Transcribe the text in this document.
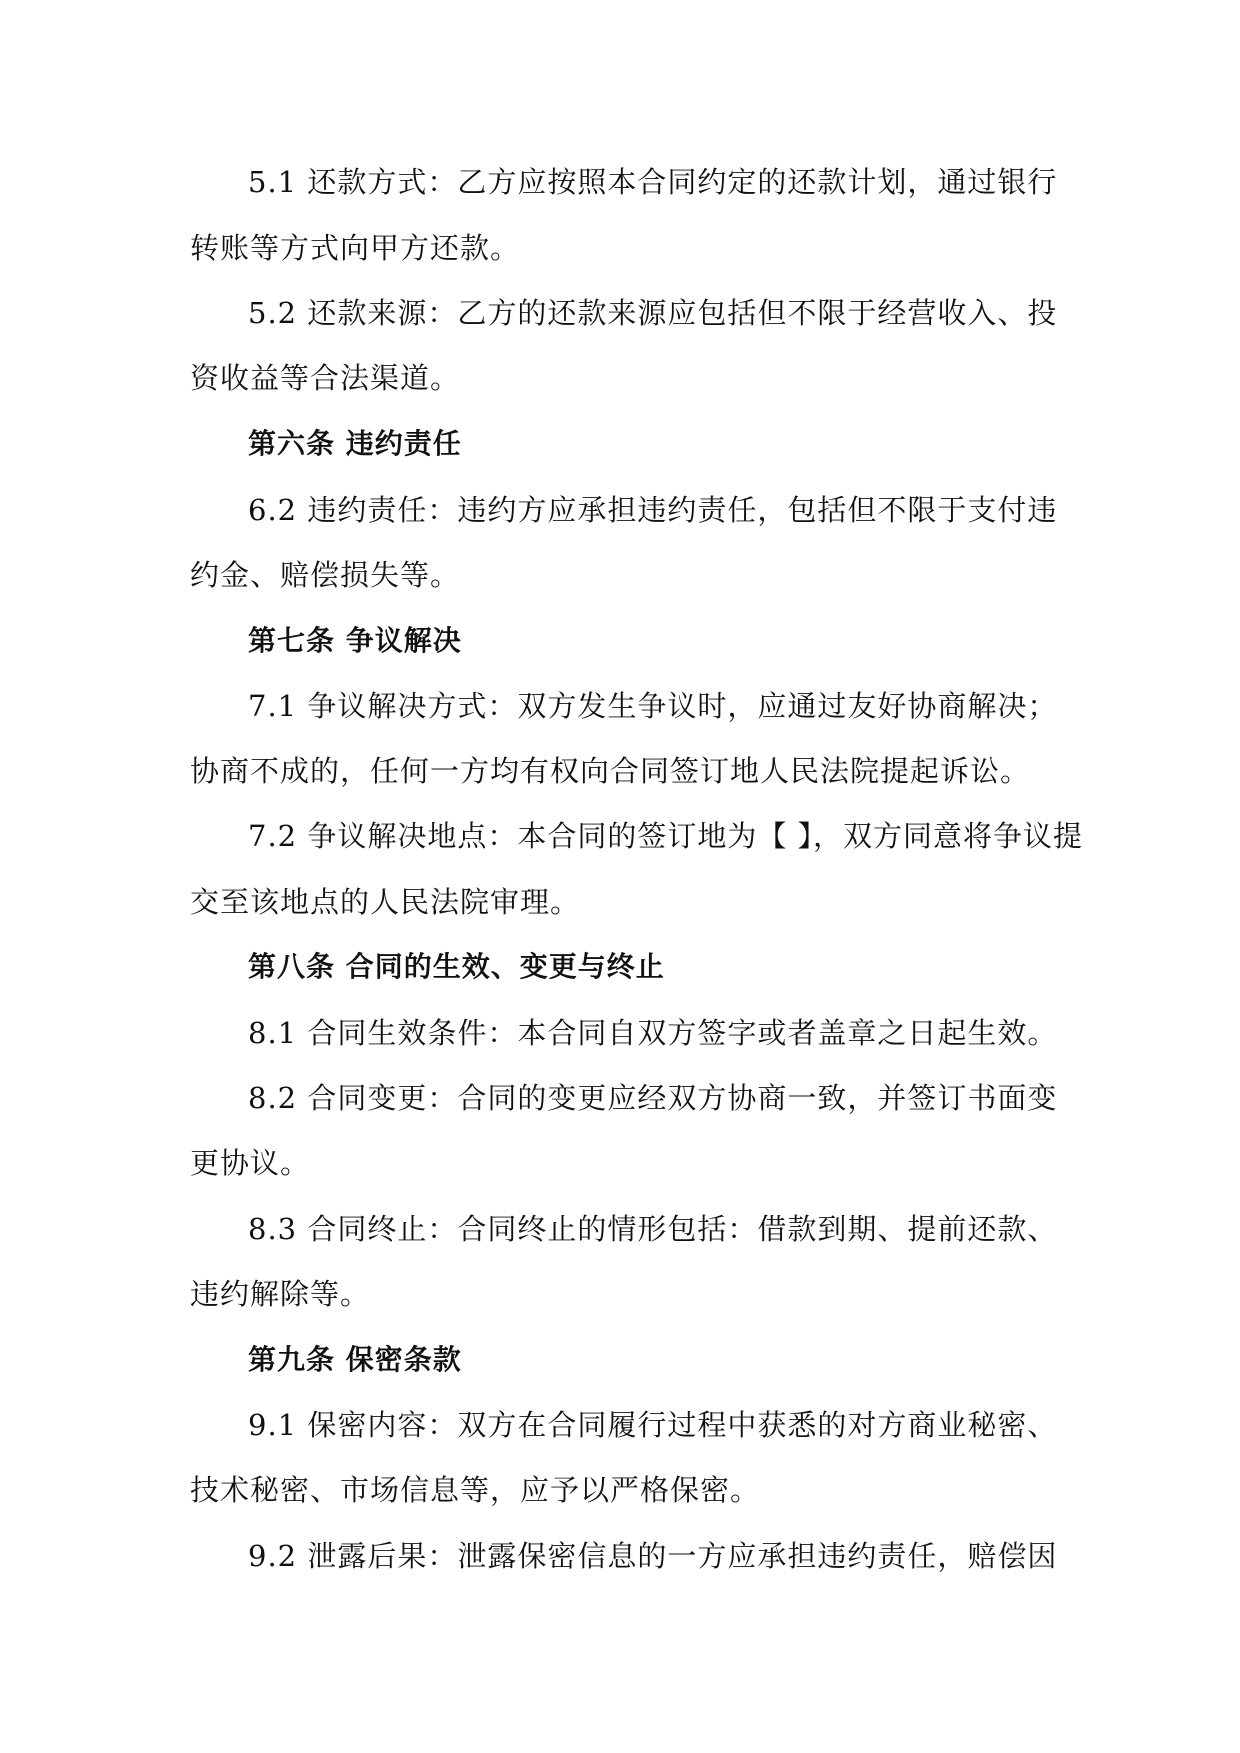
5.1 还款方式：乙方应按照本合同约定的还款计划，通过银行
转账等方式向甲方还款。
5.2 还款来源：乙方的还款来源应包括但不限于经营收入、投
资收益等合法渠道。
第六条 违约责任
6.2 违约责任：违约方应承担违约责任，包括但不限于支付违
约金、赔偿损失等。
第七条 争议解决
7.1 争议解决方式：双方发生争议时，应通过友好协商解决；
协商不成的，任何一方均有权向合同签订地人民法院提起诉讼。
7.2 争议解决地点：本合同的签订地为【 】，双方同意将争议提
交至该地点的人民法院审理。
第八条 合同的生效、变更与终止
8.1 合同生效条件：本合同自双方签字或者盖章之日起生效。
8.2 合同变更：合同的变更应经双方协商一致，并签订书面变
更协议。
8.3 合同终止：合同终止的情形包括：借款到期、提前还款、
违约解除等。
第九条 保密条款
9.1 保密内容：双方在合同履行过程中获悉的对方商业秘密、
技术秘密、市场信息等，应予以严格保密。
9.2 泄露后果：泄露保密信息的一方应承担违约责任，赔偿因
